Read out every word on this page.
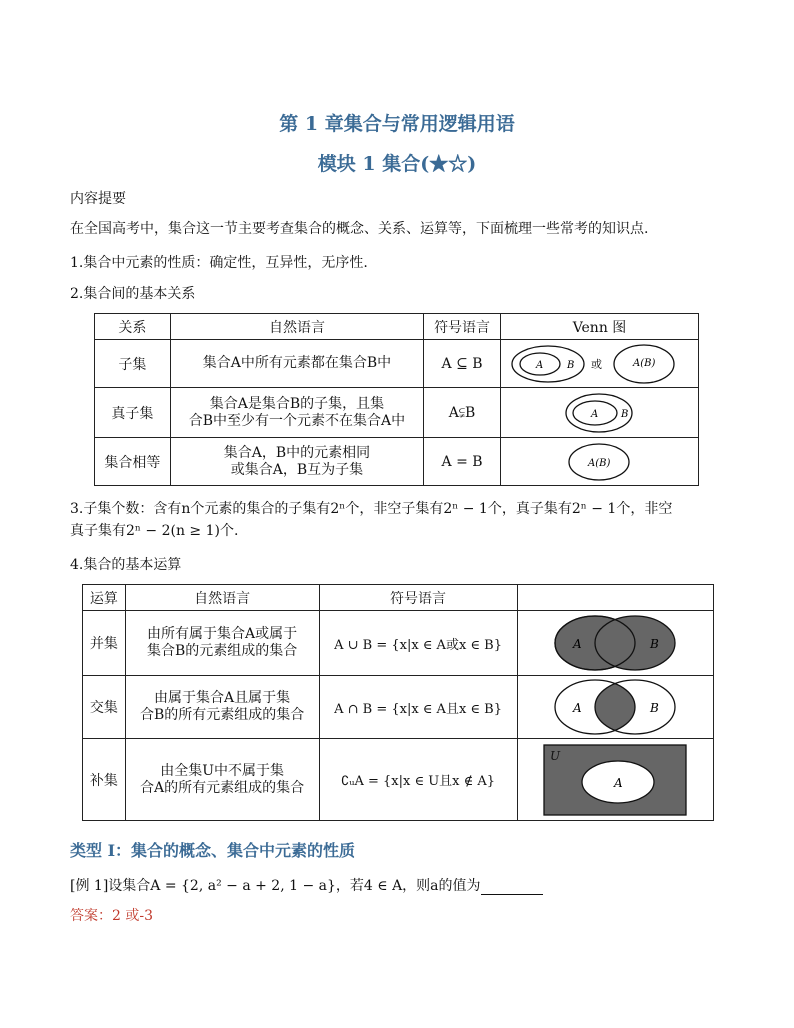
第 1 章集合与常用逻辑用语
模块 1 集合(★☆)
内容提要
在全国高考中，集合这一节主要考查集合的概念、关系、运算等，下面梳理一些常考的知识点.
1.集合中元素的性质：确定性，互异性，无序性.
2.集合间的基本关系
关系	自然语言	符号语言	Venn 图
子集	集合A中所有元素都在集合B中	A ⊆ B	A B 或 A(B)

真子集	集合A是集合B的子集，且集
合B中至少有一个元素不在集合A中	A⫋B	A B

集合相等	集合A，B中的元素相同
或集合A，B互为子集	A = B	A(B)
3.子集个数：含有n个元素的集合的子集有2ⁿ个，非空子集有2ⁿ − 1个，真子集有2ⁿ − 1个，非空
真子集有2ⁿ − 2(n ≥ 1)个.
4.集合的基本运算
运算	自然语言	符号语言	
并集	由所有属于集合A或属于
集合B的元素组成的集合	A ∪ B = {x|x ∈ A或x ∈ B}	A B

交集	由属于集合A且属于集
合B的所有元素组成的集合	A ∩ B = {x|x ∈ A且x ∈ B}	A B

补集	由全集U中不属于集
合A的所有元素组成的集合	∁ᵤA = {x|x ∈ U且x ∉ A}	U
A
类型 I：集合的概念、集合中元素的性质
[例 1]设集合A = {2, a² − a + 2, 1 − a}，若4 ∈ A，则a的值为
答案：2 或-3
